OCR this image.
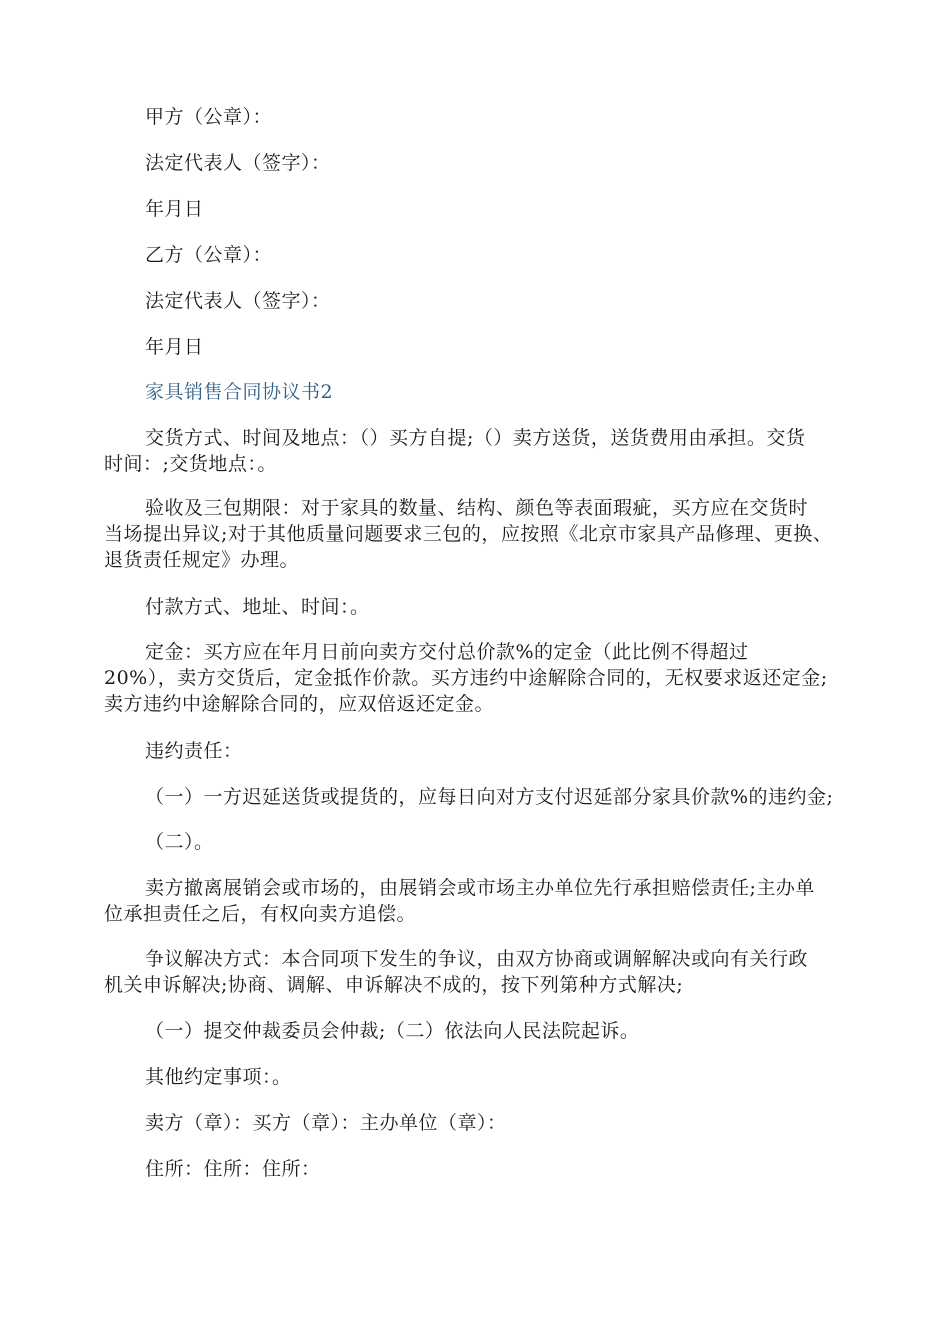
甲方（公章）：
法定代表人（签字）：
年月日
乙方（公章）：
法定代表人（签字）：
年月日
家具销售合同协议书2
交货方式、时间及地点：（）买方自提;（）卖方送货，送货费用由承担。交货
时间：;交货地点：。
验收及三包期限：对于家具的数量、结构、颜色等表面瑕疵，买方应在交货时
当场提出异议;对于其他质量问题要求三包的，应按照《北京市家具产品修理、更换、
退货责任规定》办理。
付款方式、地址、时间：。
定金：买方应在年月日前向卖方交付总价款%的定金（此比例不得超过
20%），卖方交货后，定金抵作价款。买方违约中途解除合同的，无权要求返还定金;
卖方违约中途解除合同的，应双倍返还定金。
违约责任：
（一）一方迟延送货或提货的，应每日向对方支付迟延部分家具价款%的违约金;
（二）。
卖方撤离展销会或市场的，由展销会或市场主办单位先行承担赔偿责任;主办单
位承担责任之后，有权向卖方追偿。
争议解决方式：本合同项下发生的争议，由双方协商或调解解决或向有关行政
机关申诉解决;协商、调解、申诉解决不成的，按下列第种方式解决;
（一）提交仲裁委员会仲裁;（二）依法向人民法院起诉。
其他约定事项：。
卖方（章）：买方（章）：主办单位（章）：
住所：住所：住所：
